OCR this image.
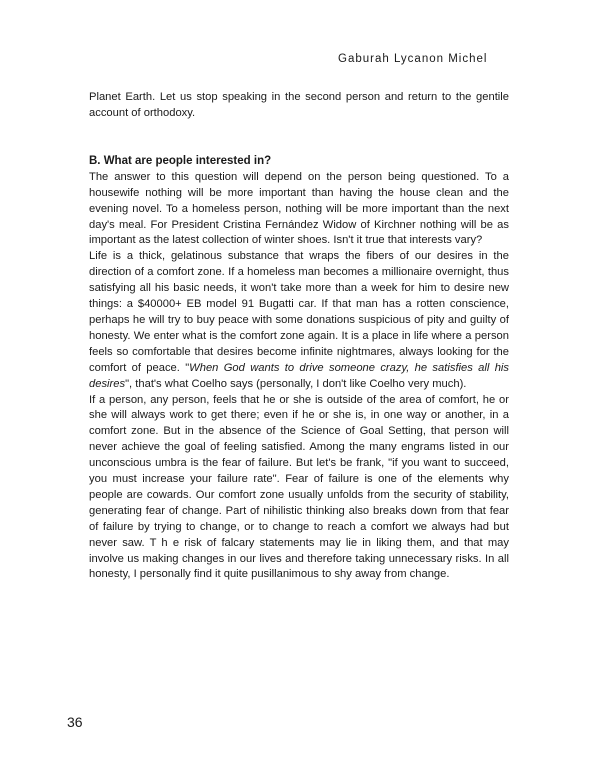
Gaburah Lycanon Michel

Planet Earth. Let us stop speaking in the second person and return to the gentile account of orthodoxy.

B. What are people interested in?

The answer to this question will depend on the person being questioned. To a housewife nothing will be more important than having the house clean and the evening novel. To a homeless person, nothing will be more important than the next day's meal. For President Cristina Fernández Widow of Kirchner nothing will be as important as the latest collection of winter shoes. Isn't it true that interests vary?

Life is a thick, gelatinous substance that wraps the fibers of our desires in the direction of a comfort zone. If a homeless man becomes a millionaire overnight, thus satisfying all his basic needs, it won't take more than a week for him to desire new things: a $40000+ EB model 91 Bugatti car. If that man has a rotten conscience, perhaps he will try to buy peace with some donations suspicious of pity and guilty of honesty. We enter what is the comfort zone again. It is a place in life where a person feels so comfortable that desires become infinite nightmares, always looking for the comfort of peace. "When God wants to drive someone crazy, he satisfies all his desires", that's what Coelho says (personally, I don't like Coelho very much).

If a person, any person, feels that he or she is outside of the area of comfort, he or she will always work to get there; even if he or she is, in one way or another, in a comfort zone. But in the absence of the Science of Goal Setting, that person will never achieve the goal of feeling satisfied. Among the many engrams listed in our unconscious umbra is the fear of failure. But let's be frank, "if you want to succeed, you must increase your failure rate". Fear of failure is one of the elements why people are cowards. Our comfort zone usually unfolds from the security of stability, generating fear of change. Part of nihilistic thinking also breaks down from that fear of failure by trying to change, or to change to reach a comfort we always had but never saw. T h e risk of falcary statements may lie in liking them, and that may involve us making changes in our lives and therefore taking unnecessary risks. In all honesty, I personally find it quite pusillanimous to shy away from change.

36
